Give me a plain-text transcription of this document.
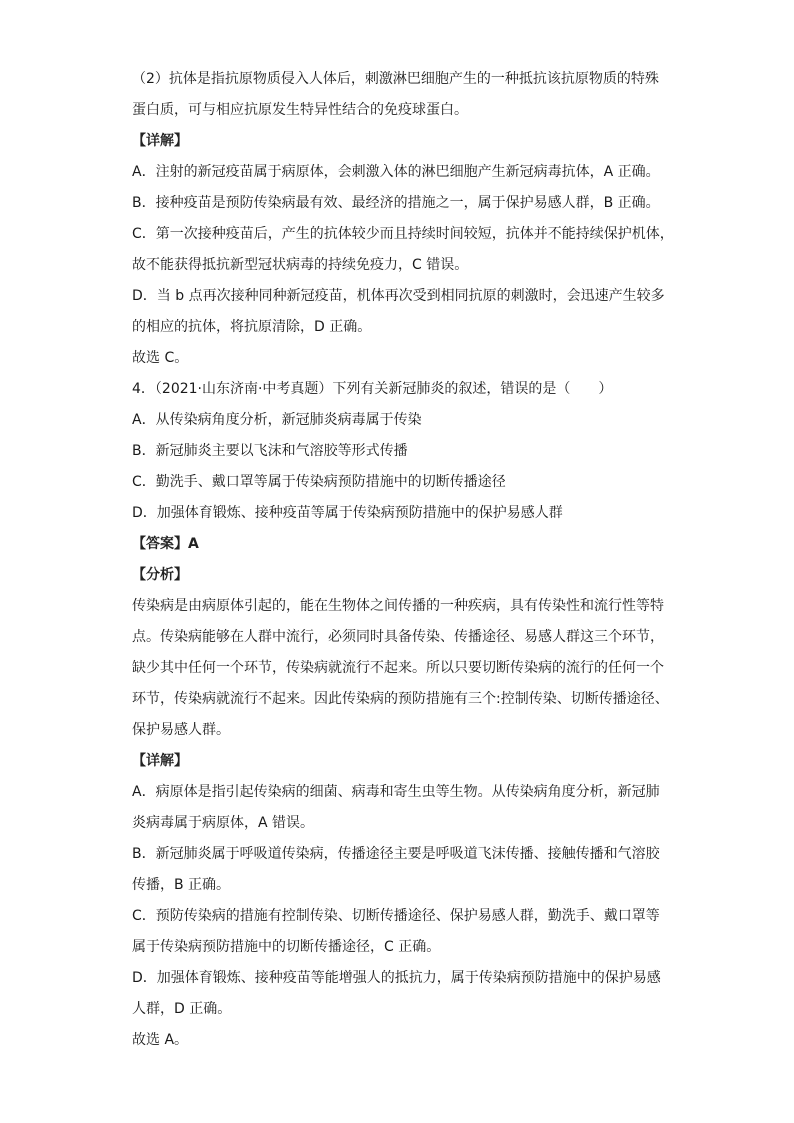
（2）抗体是指抗原物质侵入人体后，刺激淋巴细胞产生的一种抵抗该抗原物质的特殊
蛋白质，可与相应抗原发生特异性结合的免疫球蛋白。
【详解】
A．注射的新冠疫苗属于病原体，会刺激入体的淋巴细胞产生新冠病毒抗体，A 正确。
B．接种疫苗是预防传染病最有效、最经济的措施之一，属于保护易感人群，B 正确。
C．第一次接种疫苗后，产生的抗体较少而且持续时间较短，抗体并不能持续保护机体，
故不能获得抵抗新型冠状病毒的持续免疫力，C 错误。
D．当 b 点再次接种同种新冠疫苗，机体再次受到相同抗原的刺激时，会迅速产生较多
的相应的抗体，将抗原清除，D 正确。
故选 C。
4．（2021·山东济南·中考真题）下列有关新冠肺炎的叙述，错误的是（　　）
A．从传染病角度分析，新冠肺炎病毒属于传染
B．新冠肺炎主要以飞沫和气溶胶等形式传播
C．勤洗手、戴口罩等属于传染病预防措施中的切断传播途径
D．加强体育锻炼、接种疫苗等属于传染病预防措施中的保护易感人群
【答案】A
【分析】
传染病是由病原体引起的，能在生物体之间传播的一种疾病，具有传染性和流行性等特
点。传染病能够在人群中流行，必须同时具备传染、传播途径、易感人群这三个环节，
缺少其中任何一个环节，传染病就流行不起来。所以只要切断传染病的流行的任何一个
环节，传染病就流行不起来。因此传染病的预防措施有三个:控制传染、切断传播途径、
保护易感人群。
【详解】
A．病原体是指引起传染病的细菌、病毒和寄生虫等生物。从传染病角度分析，新冠肺
炎病毒属于病原体，A 错误。
B．新冠肺炎属于呼吸道传染病，传播途径主要是呼吸道飞沫传播、接触传播和气溶胶
传播，B 正确。
C．预防传染病的措施有控制传染、切断传播途径、保护易感人群，勤洗手、戴口罩等
属于传染病预防措施中的切断传播途径，C 正确。
D．加强体育锻炼、接种疫苗等能增强人的抵抗力，属于传染病预防措施中的保护易感
人群，D 正确。
故选 A。
